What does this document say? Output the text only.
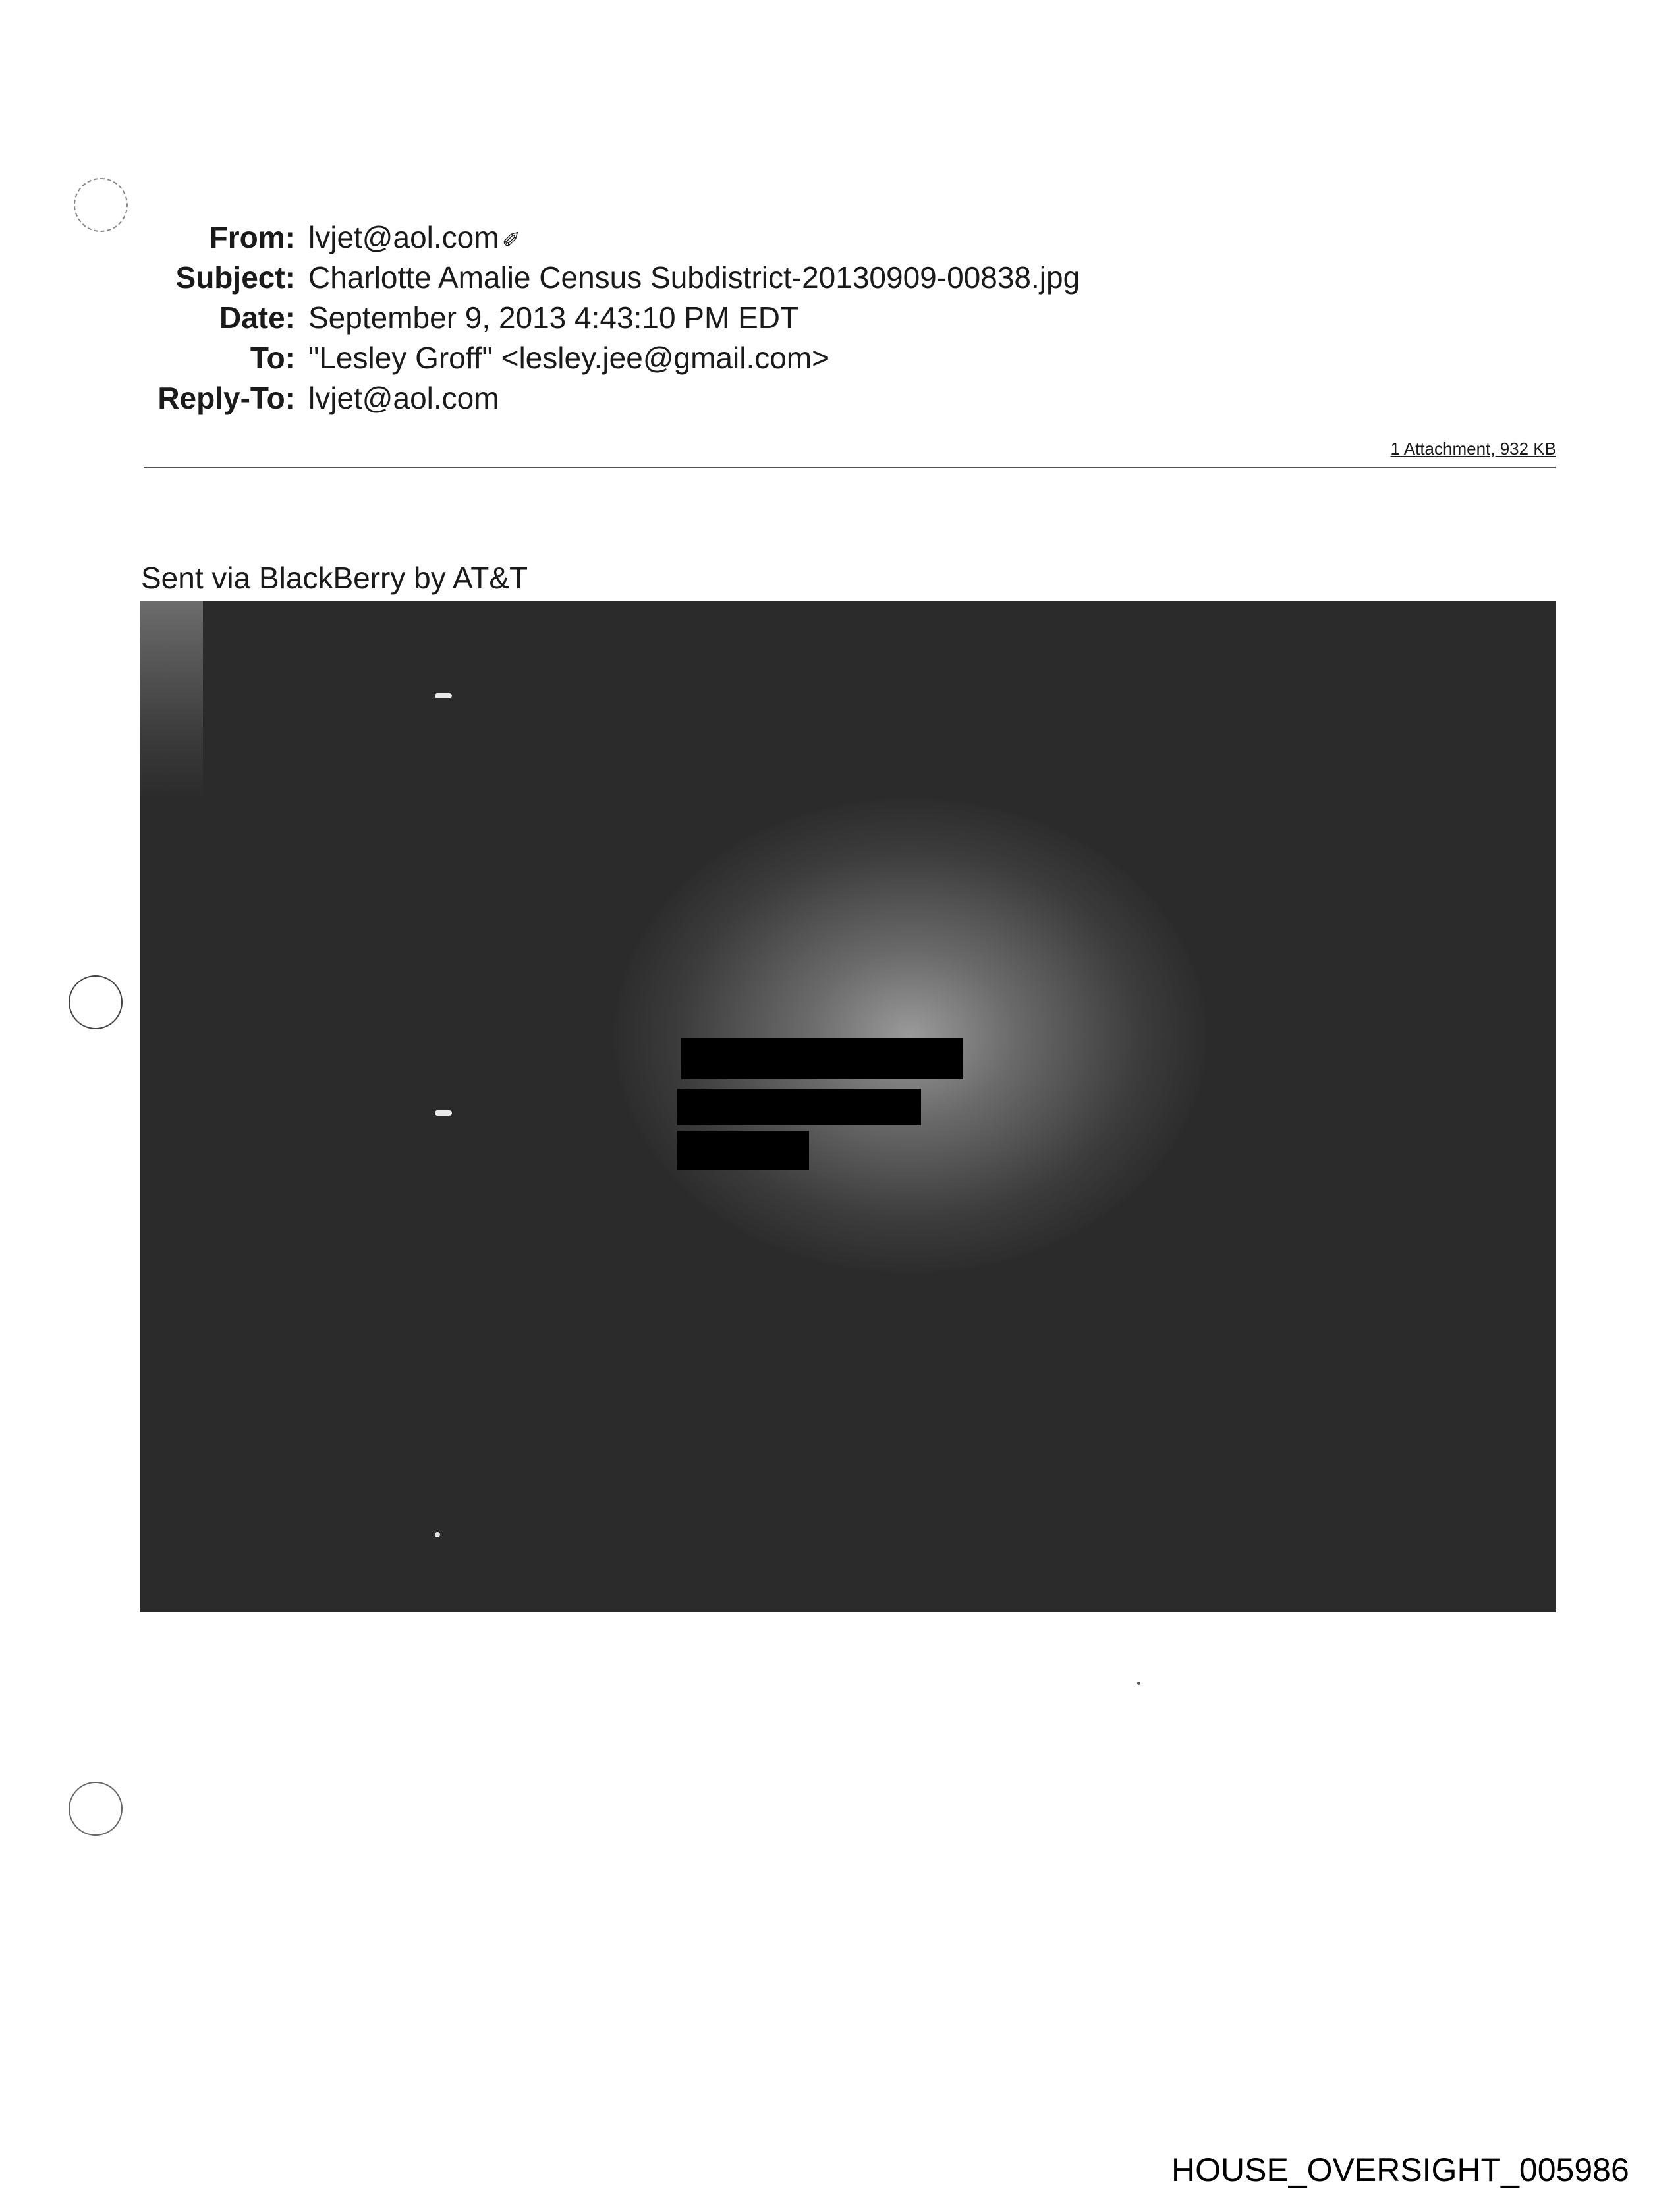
From: lvjet@aol.com ✐
Subject: Charlotte Amalie Census Subdistrict-20130909-00838.jpg
Date: September 9, 2013 4:43:10 PM EDT
To: "Lesley Groff" <lesley.jee@gmail.com>
Reply-To: lvjet@aol.com
1 Attachment, 932 KB
Sent via BlackBerry by AT&T
HOUSE_OVERSIGHT_005986
